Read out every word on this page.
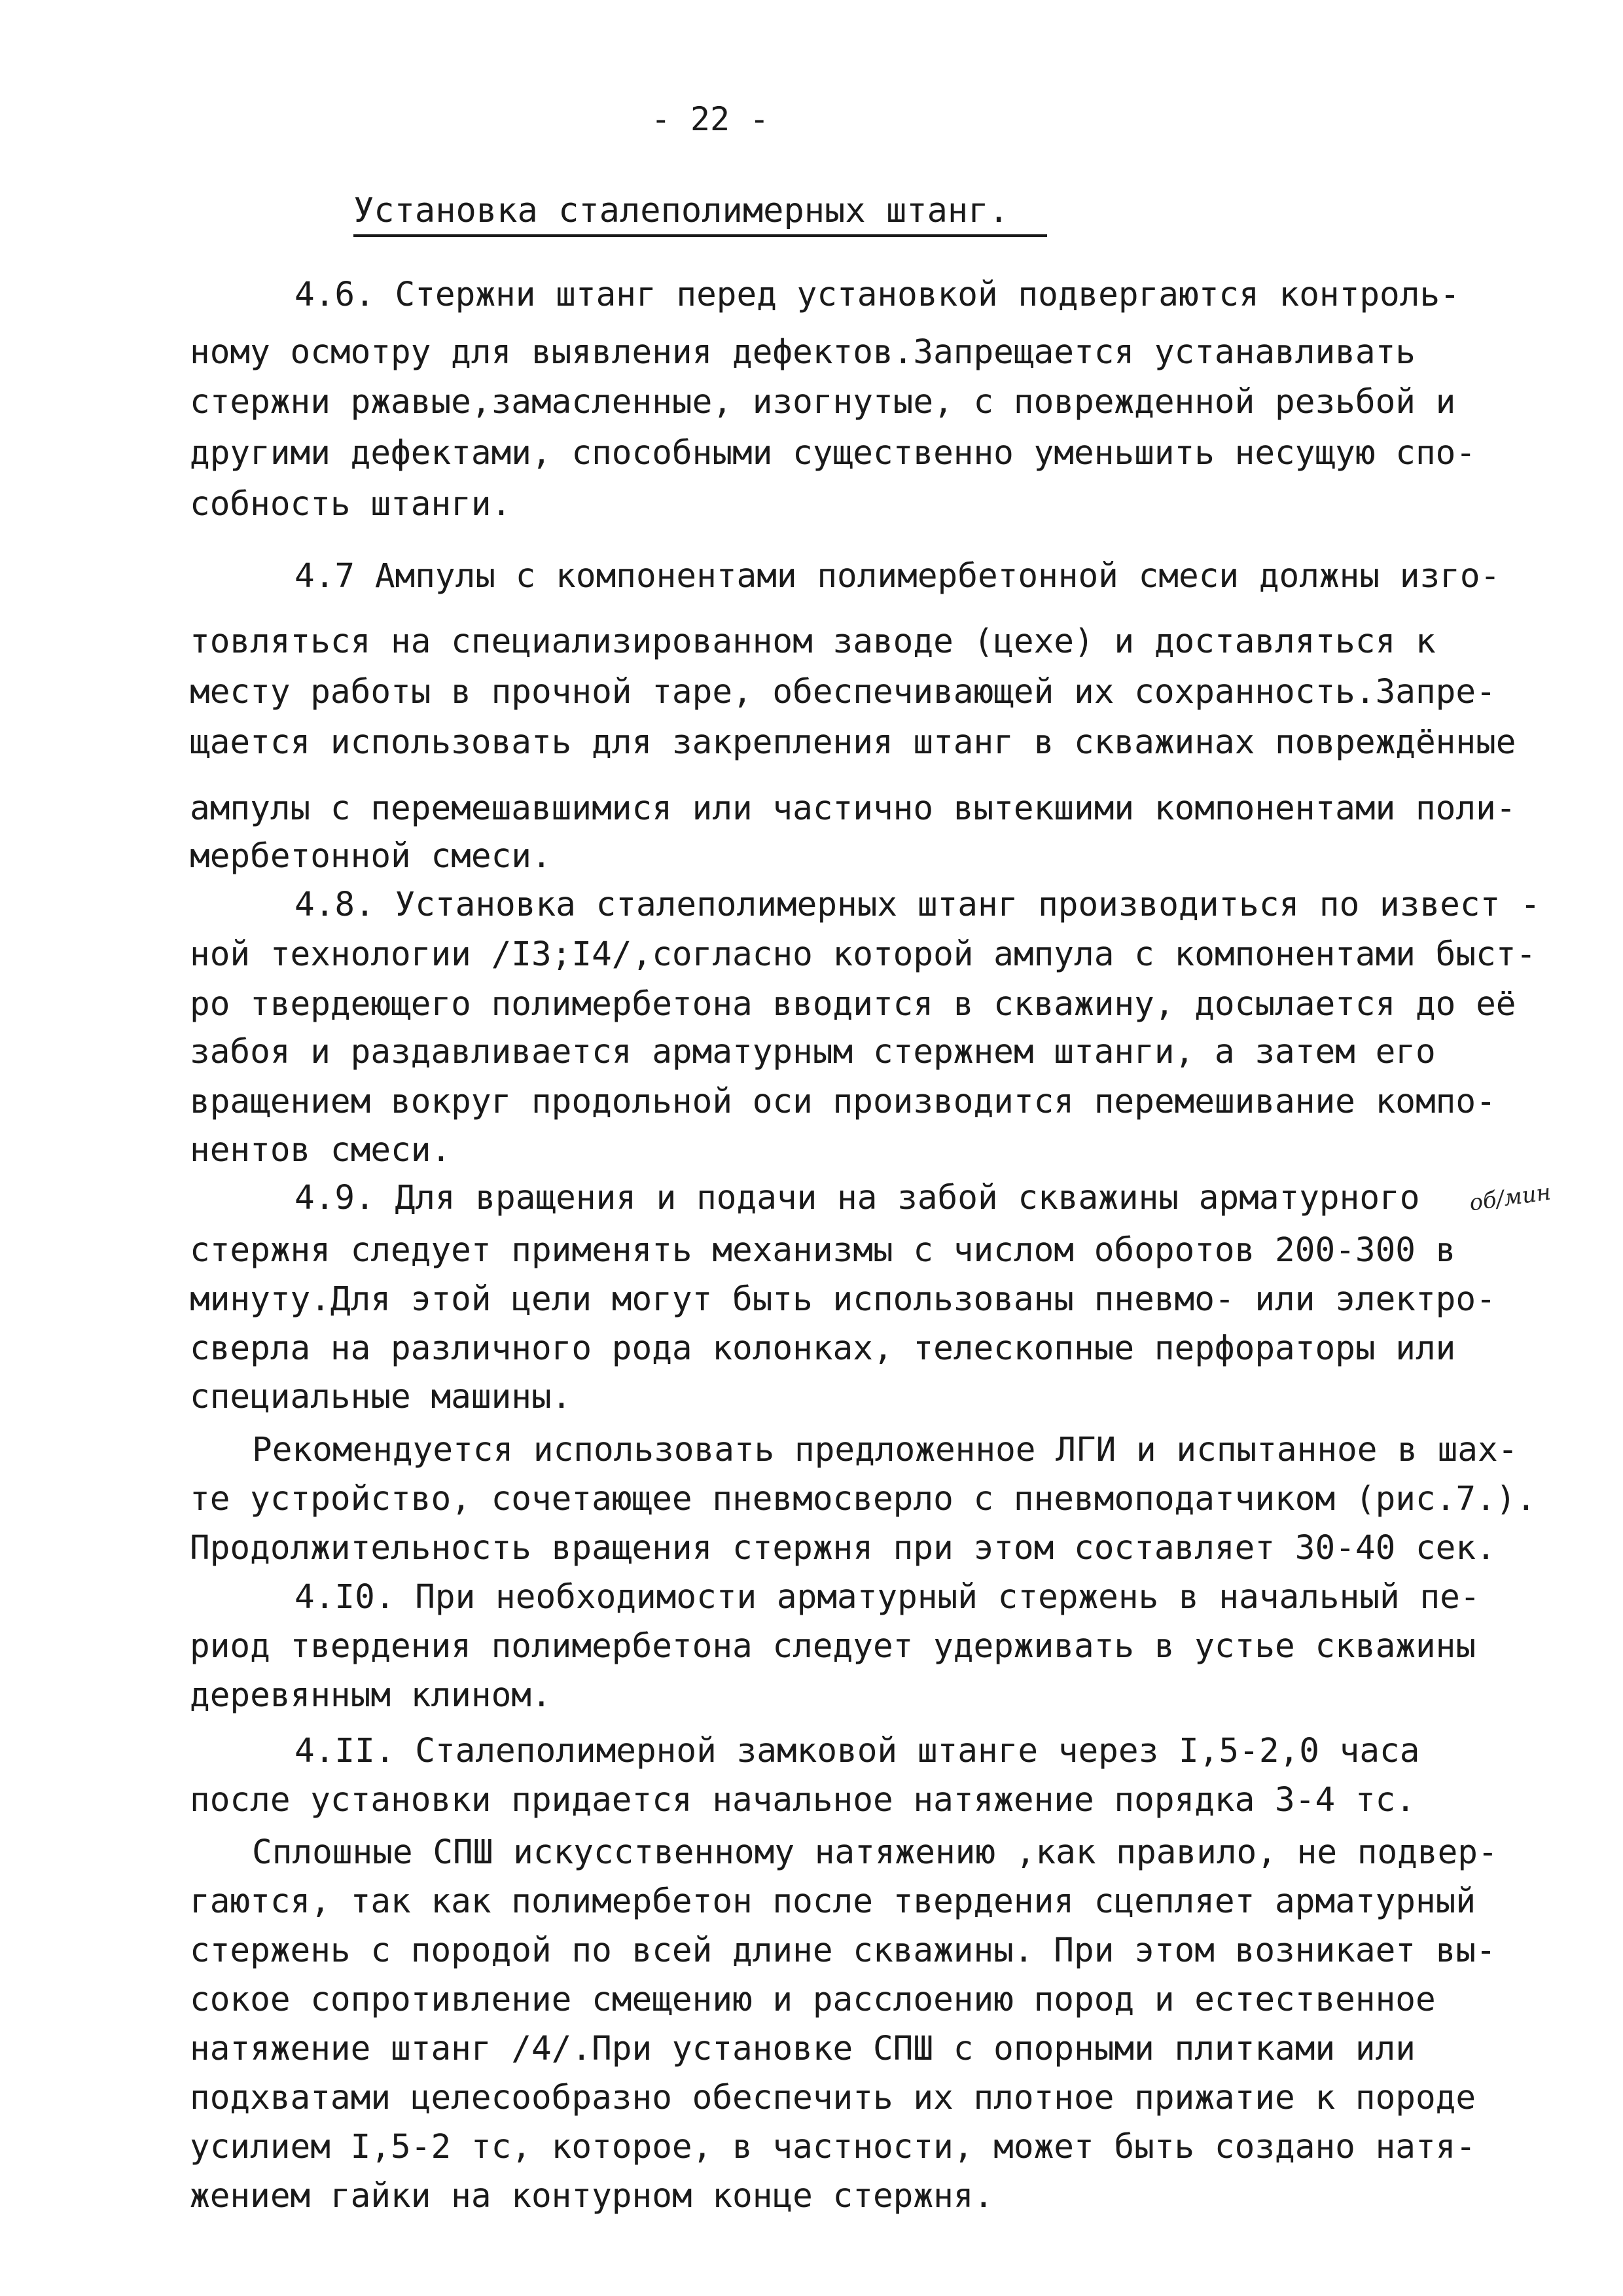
- 22 -
Установка сталеполимерных штанг.
4.6. Стержни штанг перед установкой подвергаются контроль-
ному осмотру для выявления дефектов.Запрещается устанавливать
стержни ржавые,замасленные, изогнутые, с поврежденной резьбой и
другими дефектами, способными существенно уменьшить несущую спо-
собность штанги.
4.7 Ампулы с компонентами полимербетонной смеси должны изго-
товляться на специализированном заводе (цехе) и доставляться к
месту работы в прочной таре, обеспечивающей их сохранность.Запре-
щается использовать для закрепления штанг в скважинах повреждённые
ампулы с перемешавшимися или частично вытекшими компонентами поли-
мербетонной смеси.
4.8. Установка сталеполимерных штанг производиться по извест -
ной технологии /I3;I4/,согласно которой ампула с компонентами быст-
ро твердеющего полимербетона вводится в скважину, досылается до её
забоя и раздавливается арматурным стержнем штанги, а затем его
вращением вокруг продольной оси производится перемешивание компо-
нентов смеси.
4.9. Для вращения и подачи на забой скважины арматурного
стержня следует применять механизмы с числом оборотов 200-300 в
минуту.Для этой цели могут быть использованы пневмо- или электро-
сверла на различного рода колонках, телескопные перфораторы или
специальные машины.
Рекомендуется использовать предложенное ЛГИ и испытанное в шах-
те устройство, сочетающее пневмосверло с пневмоподатчиком (рис.7.).
Продолжительность вращения стержня при этом составляет 30-40 сек.
4.I0. При необходимости арматурный стержень в начальный пе-
риод твердения полимербетона следует удерживать в устье скважины
деревянным клином.
4.II. Сталеполимерной замковой штанге через I,5-2,0 часа
после установки придается начальное натяжение порядка 3-4 тс.
Сплошные СПШ искусственному натяжению ,как правило, не подвер-
гаются, так как полимербетон после твердения сцепляет арматурный
стержень с породой по всей длине скважины. При этом возникает вы-
сокое сопротивление смещению и расслоению пород и естественное
натяжение штанг /4/.При установке СПШ с опорными плитками или
подхватами целесообразно обеспечить их плотное прижатие к породе
усилием I,5-2 тс, которое, в частности, может быть создано натя-
жением гайки на контурном конце стержня.
об/мин
